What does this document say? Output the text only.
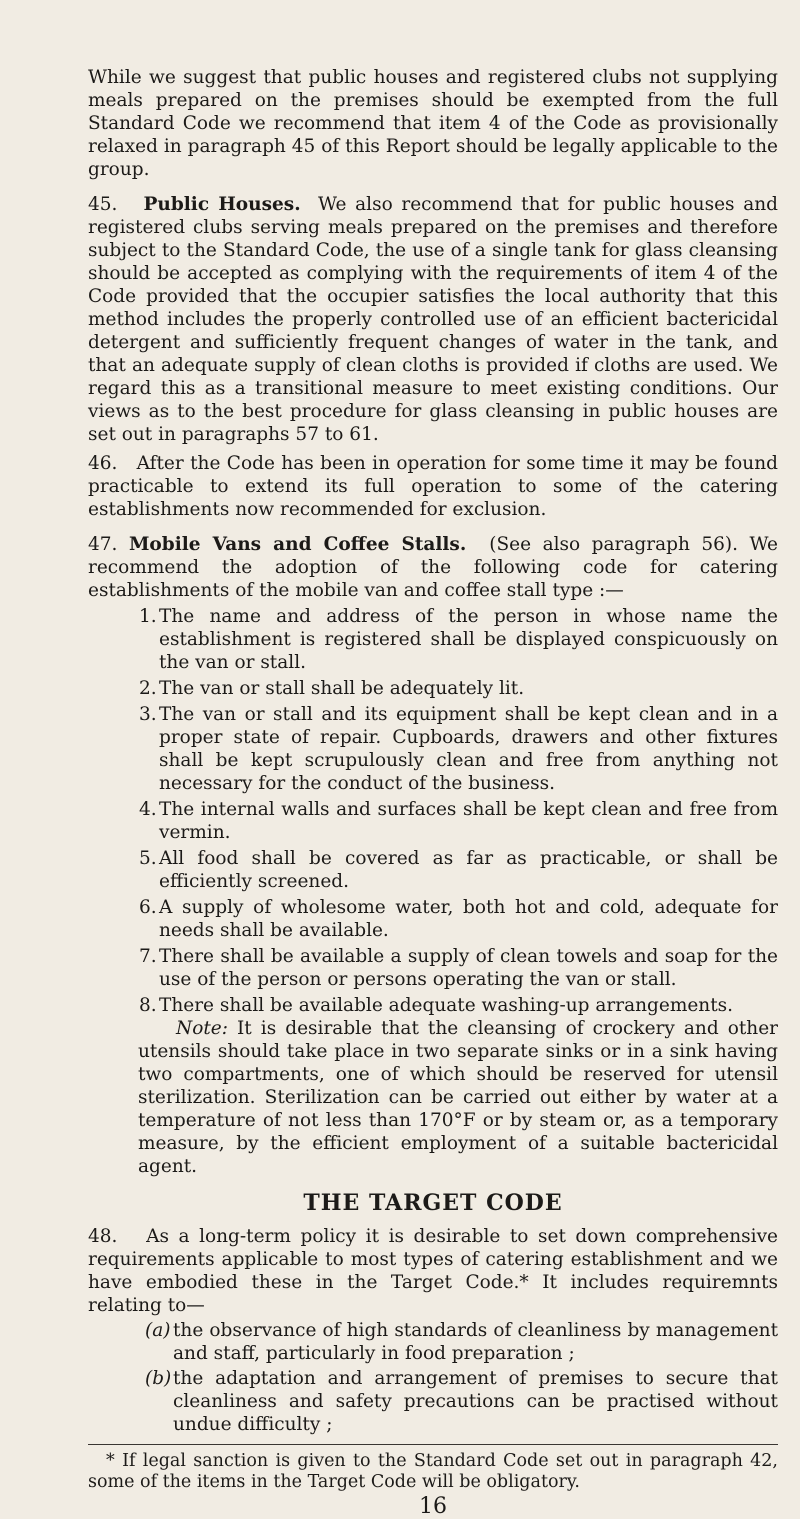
While we suggest that public houses and registered clubs not supplying meals prepared on the premises should be exempted from the full Standard Code we recommend that item 4 of the Code as provisionally relaxed in paragraph 45 of this Report should be legally applicable to the group.

45. Public Houses. We also recommend that for public houses and registered clubs serving meals prepared on the premises and therefore subject to the Standard Code, the use of a single tank for glass cleansing should be accepted as complying with the requirements of item 4 of the Code provided that the occupier satisfies the local authority that this method includes the properly controlled use of an efficient bactericidal detergent and sufficiently frequent changes of water in the tank, and that an adequate supply of clean cloths is provided if cloths are used. We regard this as a transitional measure to meet existing conditions. Our views as to the best procedure for glass cleansing in public houses are set out in paragraphs 57 to 61.

46. After the Code has been in operation for some time it may be found practicable to extend its full operation to some of the catering establishments now recommended for exclusion.

47. Mobile Vans and Coffee Stalls. (See also paragraph 56). We recommend the adoption of the following code for catering establishments of the mobile van and coffee stall type :—

1. The name and address of the person in whose name the establishment is registered shall be displayed conspicuously on the van or stall.
2. The van or stall shall be adequately lit.
3. The van or stall and its equipment shall be kept clean and in a proper state of repair. Cupboards, drawers and other fixtures shall be kept scrupulously clean and free from anything not necessary for the conduct of the business.
4. The internal walls and surfaces shall be kept clean and free from vermin.
5. All food shall be covered as far as practicable, or shall be efficiently screened.
6. A supply of wholesome water, both hot and cold, adequate for needs shall be available.
7. There shall be available a supply of clean towels and soap for the use of the person or persons operating the van or stall.
8. There shall be available adequate washing-up arrangements.

Note: It is desirable that the cleansing of crockery and other utensils should take place in two separate sinks or in a sink having two compartments, one of which should be reserved for utensil sterilization. Sterilization can be carried out either by water at a temperature of not less than 170°F or by steam or, as a temporary measure, by the efficient employment of a suitable bactericidal agent.

THE TARGET CODE

48. As a long-term policy it is desirable to set down comprehensive requirements applicable to most types of catering establishment and we have embodied these in the Target Code.* It includes requiremnts relating to—

(a) the observance of high standards of cleanliness by management and staff, particularly in food preparation ;
(b) the adaptation and arrangement of premises to secure that cleanliness and safety precautions can be practised without undue difficulty ;

* If legal sanction is given to the Standard Code set out in paragraph 42, some of the items in the Target Code will be obligatory.

16
